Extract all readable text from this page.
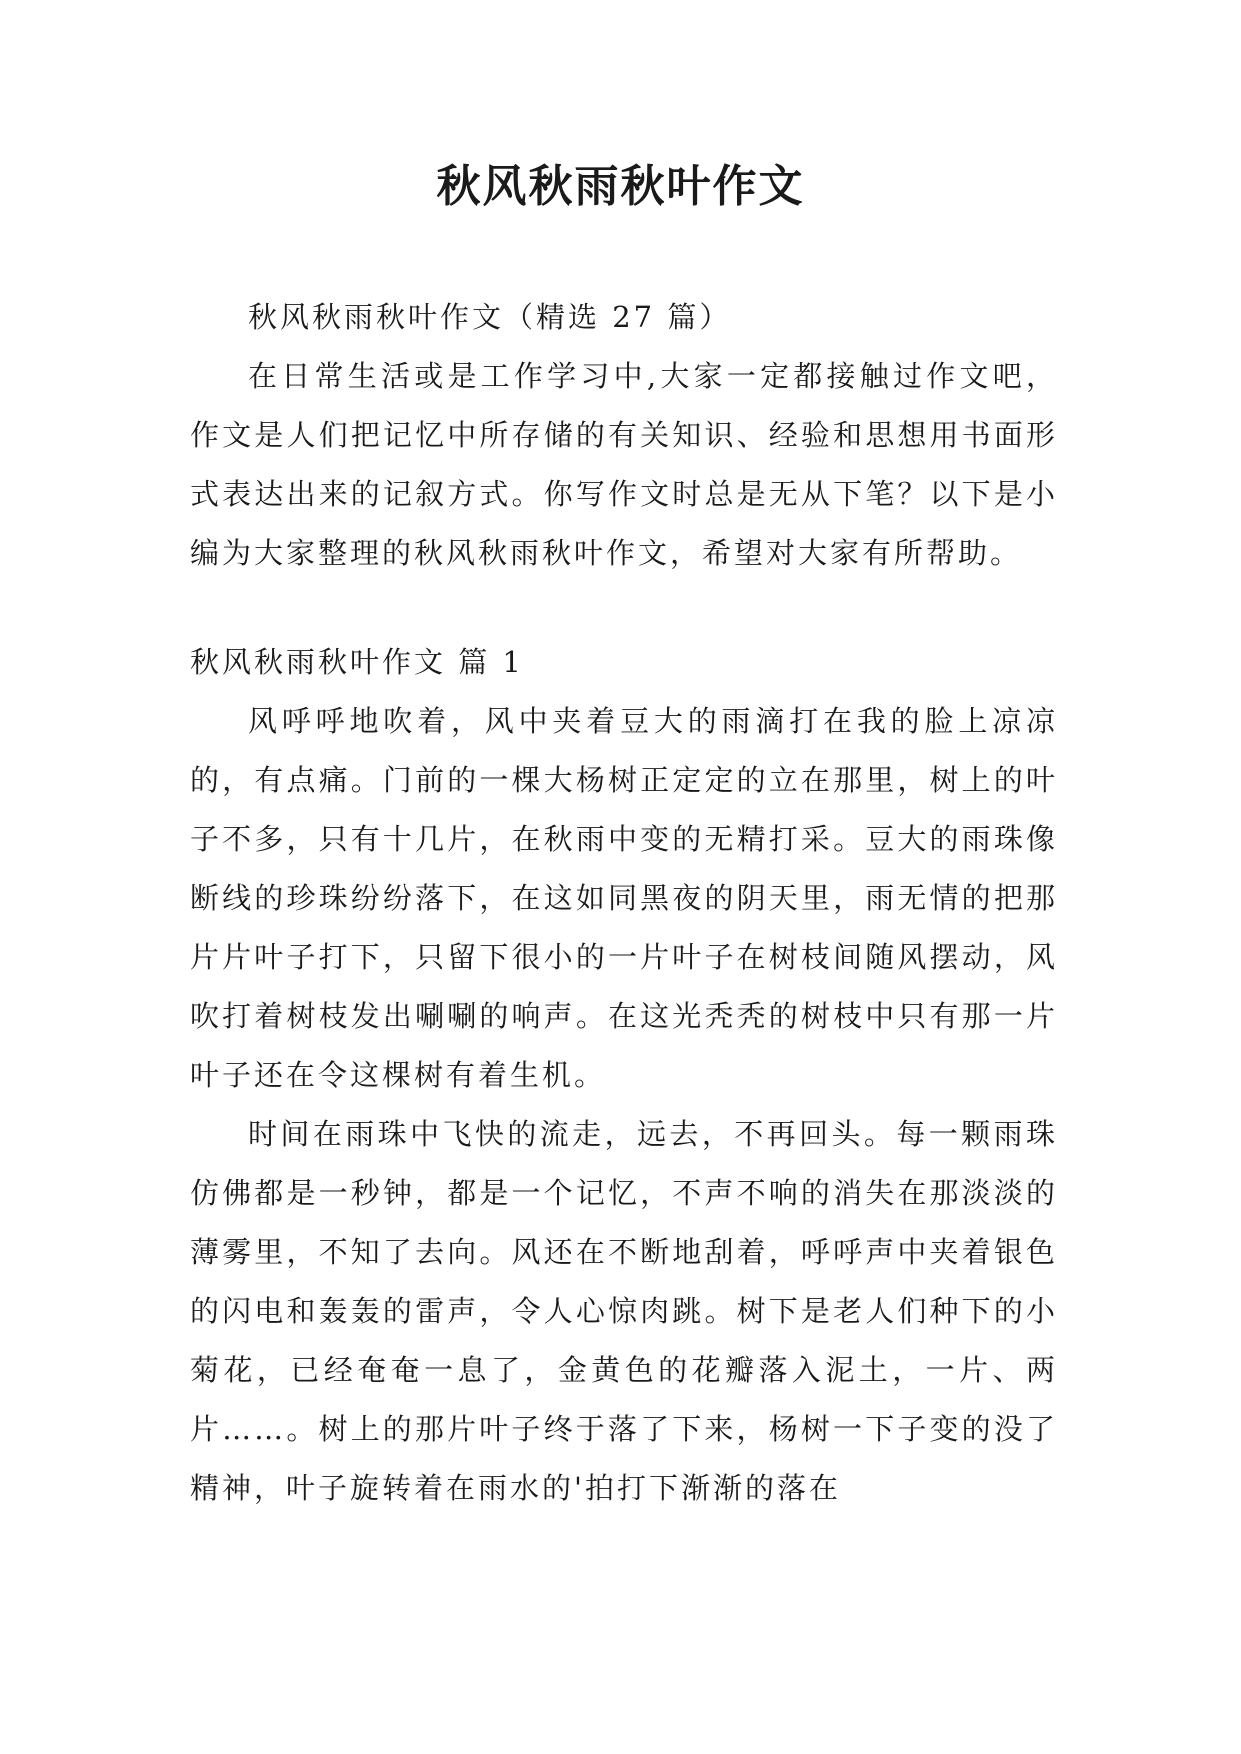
秋风秋雨秋叶作文

秋风秋雨秋叶作文（精选 27 篇）

在日常生活或是工作学习中,大家一定都接触过作文吧，作文是人们把记忆中所存储的有关知识、经验和思想用书面形式表达出来的记叙方式。你写作文时总是无从下笔？以下是小编为大家整理的秋风秋雨秋叶作文，希望对大家有所帮助。

秋风秋雨秋叶作文 篇 1

风呼呼地吹着，风中夹着豆大的雨滴打在我的脸上凉凉的，有点痛。门前的一棵大杨树正定定的立在那里，树上的叶子不多，只有十几片，在秋雨中变的无精打采。豆大的雨珠像断线的珍珠纷纷落下，在这如同黑夜的阴天里，雨无情的把那片片叶子打下，只留下很小的一片叶子在树枝间随风摆动，风吹打着树枝发出唰唰的响声。在这光秃秃的树枝中只有那一片叶子还在令这棵树有着生机。

时间在雨珠中飞快的流走，远去，不再回头。每一颗雨珠仿佛都是一秒钟，都是一个记忆，不声不响的消失在那淡淡的薄雾里，不知了去向。风还在不断地刮着，呼呼声中夹着银色的闪电和轰轰的雷声，令人心惊肉跳。树下是老人们种下的小菊花，已经奄奄一息了，金黄色的花瓣落入泥土，一片、两片……。树上的那片叶子终于落了下来，杨树一下子变的没了精神，叶子旋转着在雨水的'拍打下渐渐的落在
